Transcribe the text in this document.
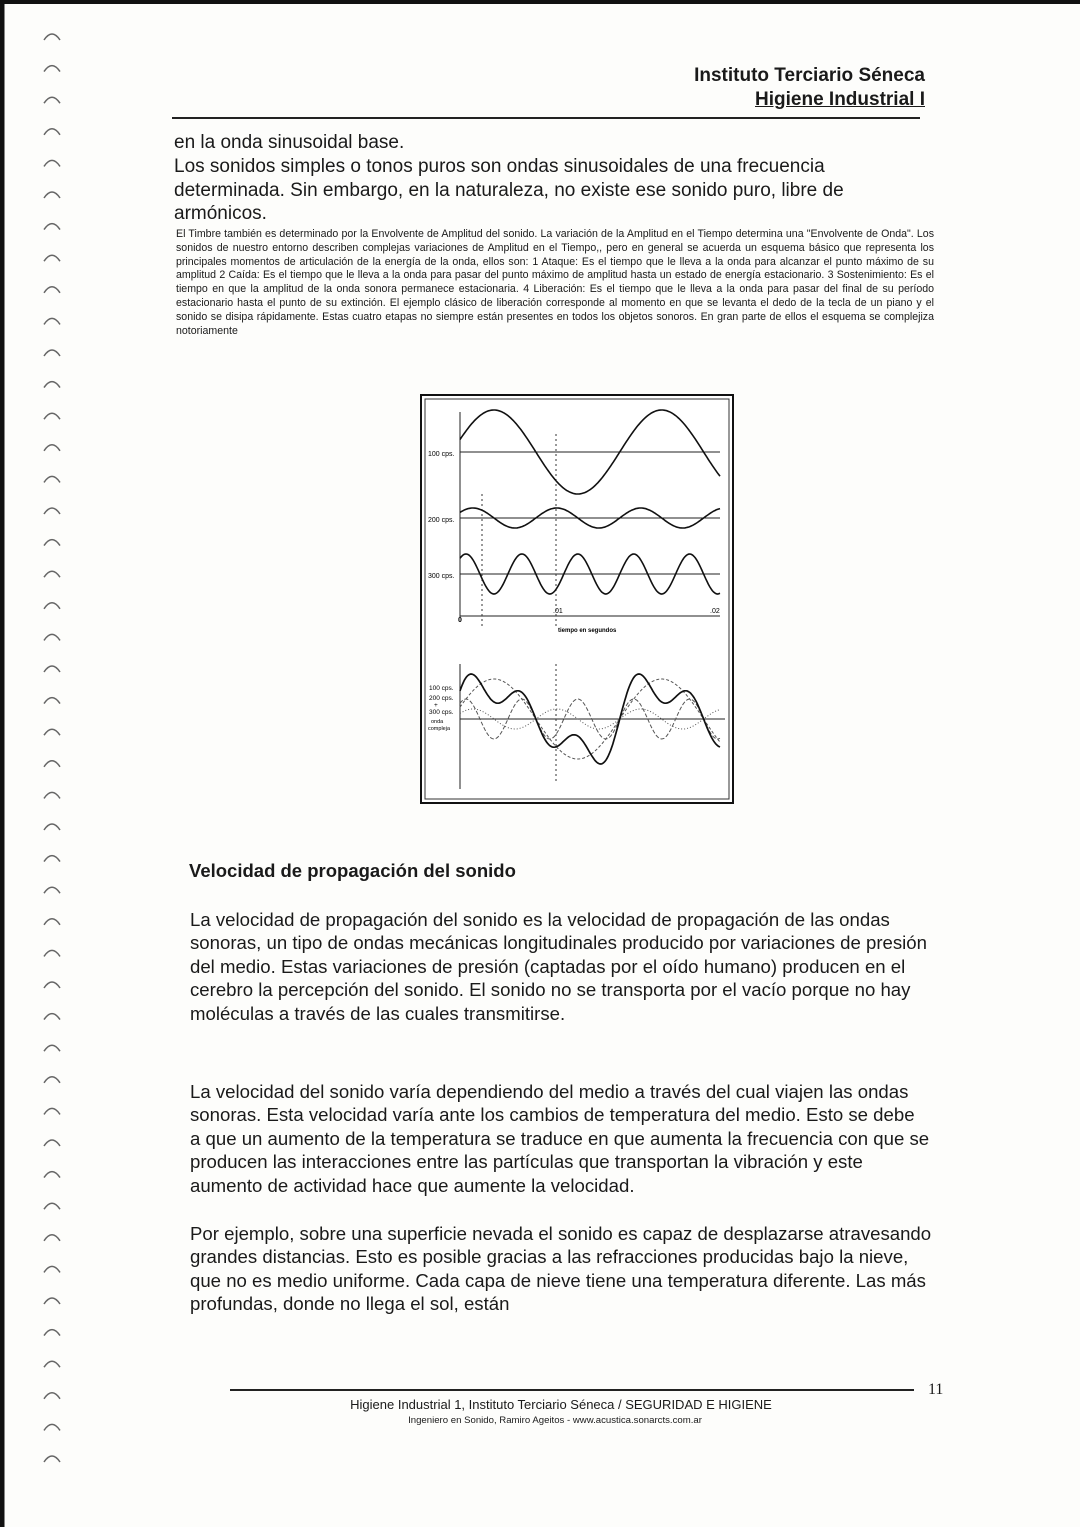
Instituto Terciario Séneca
Higiene Industrial I
en la onda sinusoidal base.
Los sonidos simples o tonos puros son ondas sinusoidales de una frecuencia determinada. Sin embargo, en la naturaleza, no existe ese sonido puro, libre de armónicos.
El Timbre también es determinado por la Envolvente de Amplitud del sonido. La variación de la Amplitud en el Tiempo determina una "Envolvente de Onda". Los sonidos de nuestro entorno describen complejas variaciones de Amplitud en el Tiempo,, pero en general se acuerda un esquema básico que representa los principales momentos de articulación de la energía de la onda, ellos son: 1 Ataque: Es el tiempo que le lleva a la onda para alcanzar el punto máximo de su amplitud 2 Caída: Es el tiempo que le lleva a la onda para pasar del punto máximo de amplitud hasta un estado de energía estacionario. 3 Sostenimiento: Es el tiempo en que la amplitud de la onda sonora permanece estacionaria. 4 Liberación: Es el tiempo que le lleva a la onda para pasar del final de su período estacionario hasta el punto de su extinción. El ejemplo clásico de liberación corresponde al momento en que se levanta el dedo de la tecla de un piano y el sonido se disipa rápidamente. Estas cuatro etapas no siempre están presentes en todos los objetos sonoros. En gran parte de ellos el esquema se complejiza notoriamente
100 cps.
200 cps.
300 cps.
0
.01	.02
tiempo en segundos
100 cps.
200 cps.
+
300 cps.
onda
compleja
Velocidad de propagación del sonido
La velocidad de propagación del sonido es la velocidad de propagación de las ondas sonoras, un tipo de ondas mecánicas longitudinales producido por variaciones de presión del medio. Estas variaciones de presión (captadas por el oído humano) producen en el cerebro la percepción del sonido. El sonido no se transporta por el vacío porque no hay moléculas a través de las cuales transmitirse.
La velocidad del sonido varía dependiendo del medio a través del cual viajen las ondas sonoras. Esta velocidad varía ante los cambios de temperatura del medio. Esto se debe a que un aumento de la temperatura se traduce en que aumenta la frecuencia con que se producen las interacciones entre las partículas que transportan la vibración y este aumento de actividad hace que aumente la velocidad.
Por ejemplo, sobre una superficie nevada el sonido es capaz de desplazarse atravesando grandes distancias. Esto es posible gracias a las refracciones producidas bajo la nieve, que no es medio uniforme. Cada capa de nieve tiene una temperatura diferente. Las más profundas, donde no llega el sol, están
11
Higiene Industrial 1, Instituto Terciario Séneca / SEGURIDAD E HIGIENE
Ingeniero en Sonido, Ramiro Ageitos - www.acustica.sonarcts.com.ar
